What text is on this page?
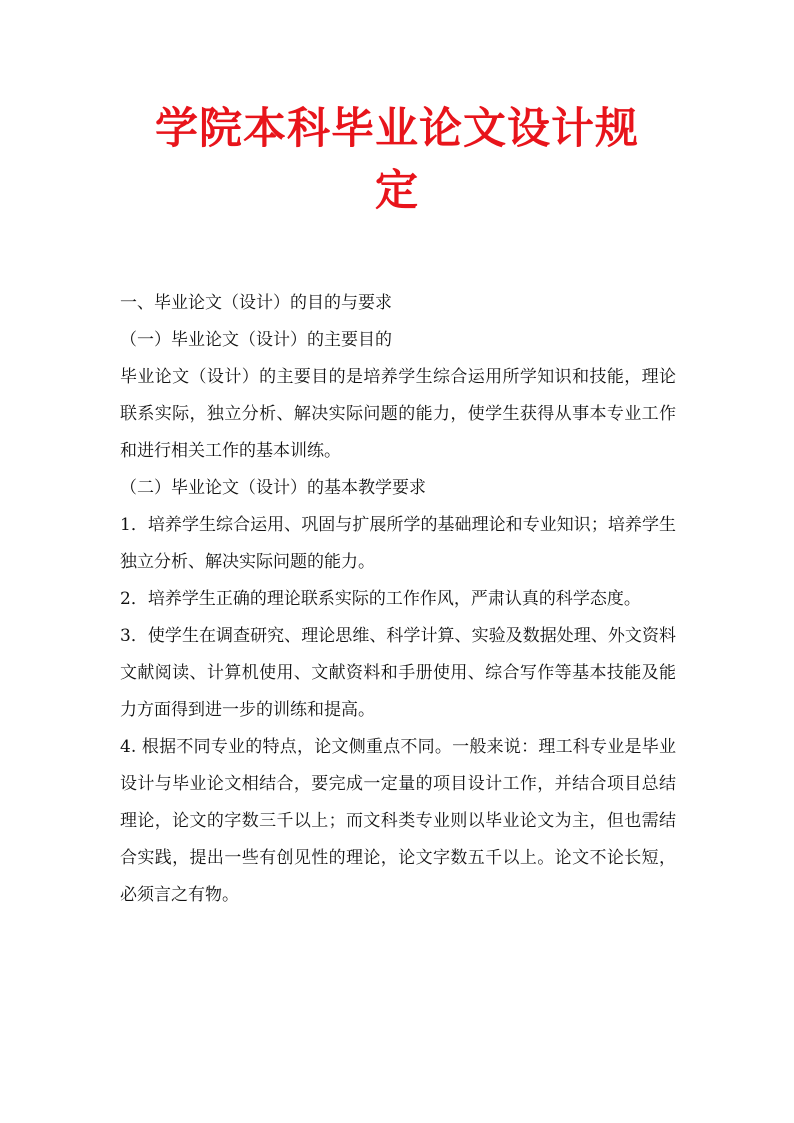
学院本科毕业论文设计规
定

一、毕业论文（设计）的目的与要求

（一）毕业论文（设计）的主要目的

毕业论文（设计）的主要目的是培养学生综合运用所学知识和技能，理论联系实际，独立分析、解决实际问题的能力，使学生获得从事本专业工作和进行相关工作的基本训练。

（二）毕业论文（设计）的基本教学要求

1．培养学生综合运用、巩固与扩展所学的基础理论和专业知识；培养学生独立分析、解决实际问题的能力。

2．培养学生正确的理论联系实际的工作作风，严肃认真的科学态度。

3．使学生在调查研究、理论思维、科学计算、实验及数据处理、外文资料文献阅读、计算机使用、文献资料和手册使用、综合写作等基本技能及能力方面得到进一步的训练和提高。

4. 根据不同专业的特点，论文侧重点不同。一般来说：理工科专业是毕业设计与毕业论文相结合，要完成一定量的项目设计工作，并结合项目总结理论，论文的字数三千以上；而文科类专业则以毕业论文为主，但也需结合实践，提出一些有创见性的理论，论文字数五千以上。论文不论长短，必须言之有物。
